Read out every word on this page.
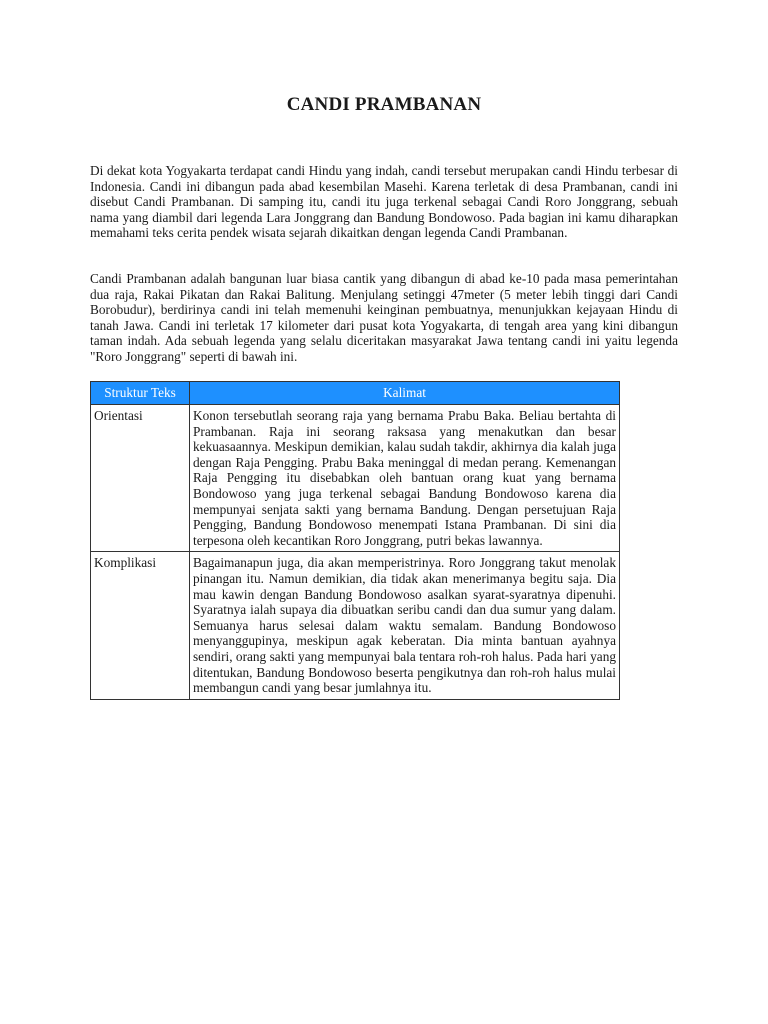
CANDI PRAMBANAN

Di dekat kota Yogyakarta terdapat candi Hindu yang indah, candi tersebut merupakan candi Hindu terbesar di Indonesia. Candi ini dibangun pada abad kesembilan Masehi. Karena terletak di desa Prambanan, candi ini disebut Candi Prambanan. Di samping itu, candi itu juga terkenal sebagai Candi Roro Jonggrang, sebuah nama yang diambil dari legenda Lara Jonggrang dan Bandung Bondowoso. Pada bagian ini kamu diharapkan memahami teks cerita pendek wisata sejarah dikaitkan dengan legenda Candi Prambanan.

Candi Prambanan adalah bangunan luar biasa cantik yang dibangun di abad ke-10 pada masa pemerintahan dua raja, Rakai Pikatan dan Rakai Balitung. Menjulang setinggi 47meter (5 meter lebih tinggi dari Candi Borobudur), berdirinya candi ini telah memenuhi keinginan pembuatnya, menunjukkan kejayaan Hindu di tanah Jawa. Candi ini terletak 17 kilometer dari pusat kota Yogyakarta, di tengah area yang kini dibangun taman indah. Ada sebuah legenda yang selalu diceritakan masyarakat Jawa tentang candi ini yaitu legenda "Roro Jonggrang" seperti di bawah ini.

Struktur Teks	Kalimat
Orientasi	Konon tersebutlah seorang raja yang bernama Prabu Baka. Beliau bertahta di Prambanan. Raja ini seorang raksasa yang menakutkan dan besar kekuasaannya. Meskipun demikian, kalau sudah takdir, akhirnya dia kalah juga dengan Raja Pengging. Prabu Baka meninggal di medan perang. Kemenangan Raja Pengging itu disebabkan oleh bantuan orang kuat yang bernama Bondowoso yang juga terkenal sebagai Bandung Bondowoso karena dia mempunyai senjata sakti yang bernama Bandung. Dengan persetujuan Raja Pengging, Bandung Bondowoso menempati Istana Prambanan. Di sini dia terpesona oleh kecantikan Roro Jonggrang, putri bekas lawannya.
Komplikasi	Bagaimanapun juga, dia akan memperistrinya. Roro Jonggrang takut menolak pinangan itu. Namun demikian, dia tidak akan menerimanya begitu saja. Dia mau kawin dengan Bandung Bondowoso asalkan syarat-syaratnya dipenuhi. Syaratnya ialah supaya dia dibuatkan seribu candi dan dua sumur yang dalam. Semuanya harus selesai dalam waktu semalam. Bandung Bondowoso menyanggupinya, meskipun agak keberatan. Dia minta bantuan ayahnya sendiri, orang sakti yang mempunyai bala tentara roh-roh halus. Pada hari yang ditentukan, Bandung Bondowoso beserta pengikutnya dan roh-roh halus mulai membangun candi yang besar jumlahnya itu.
